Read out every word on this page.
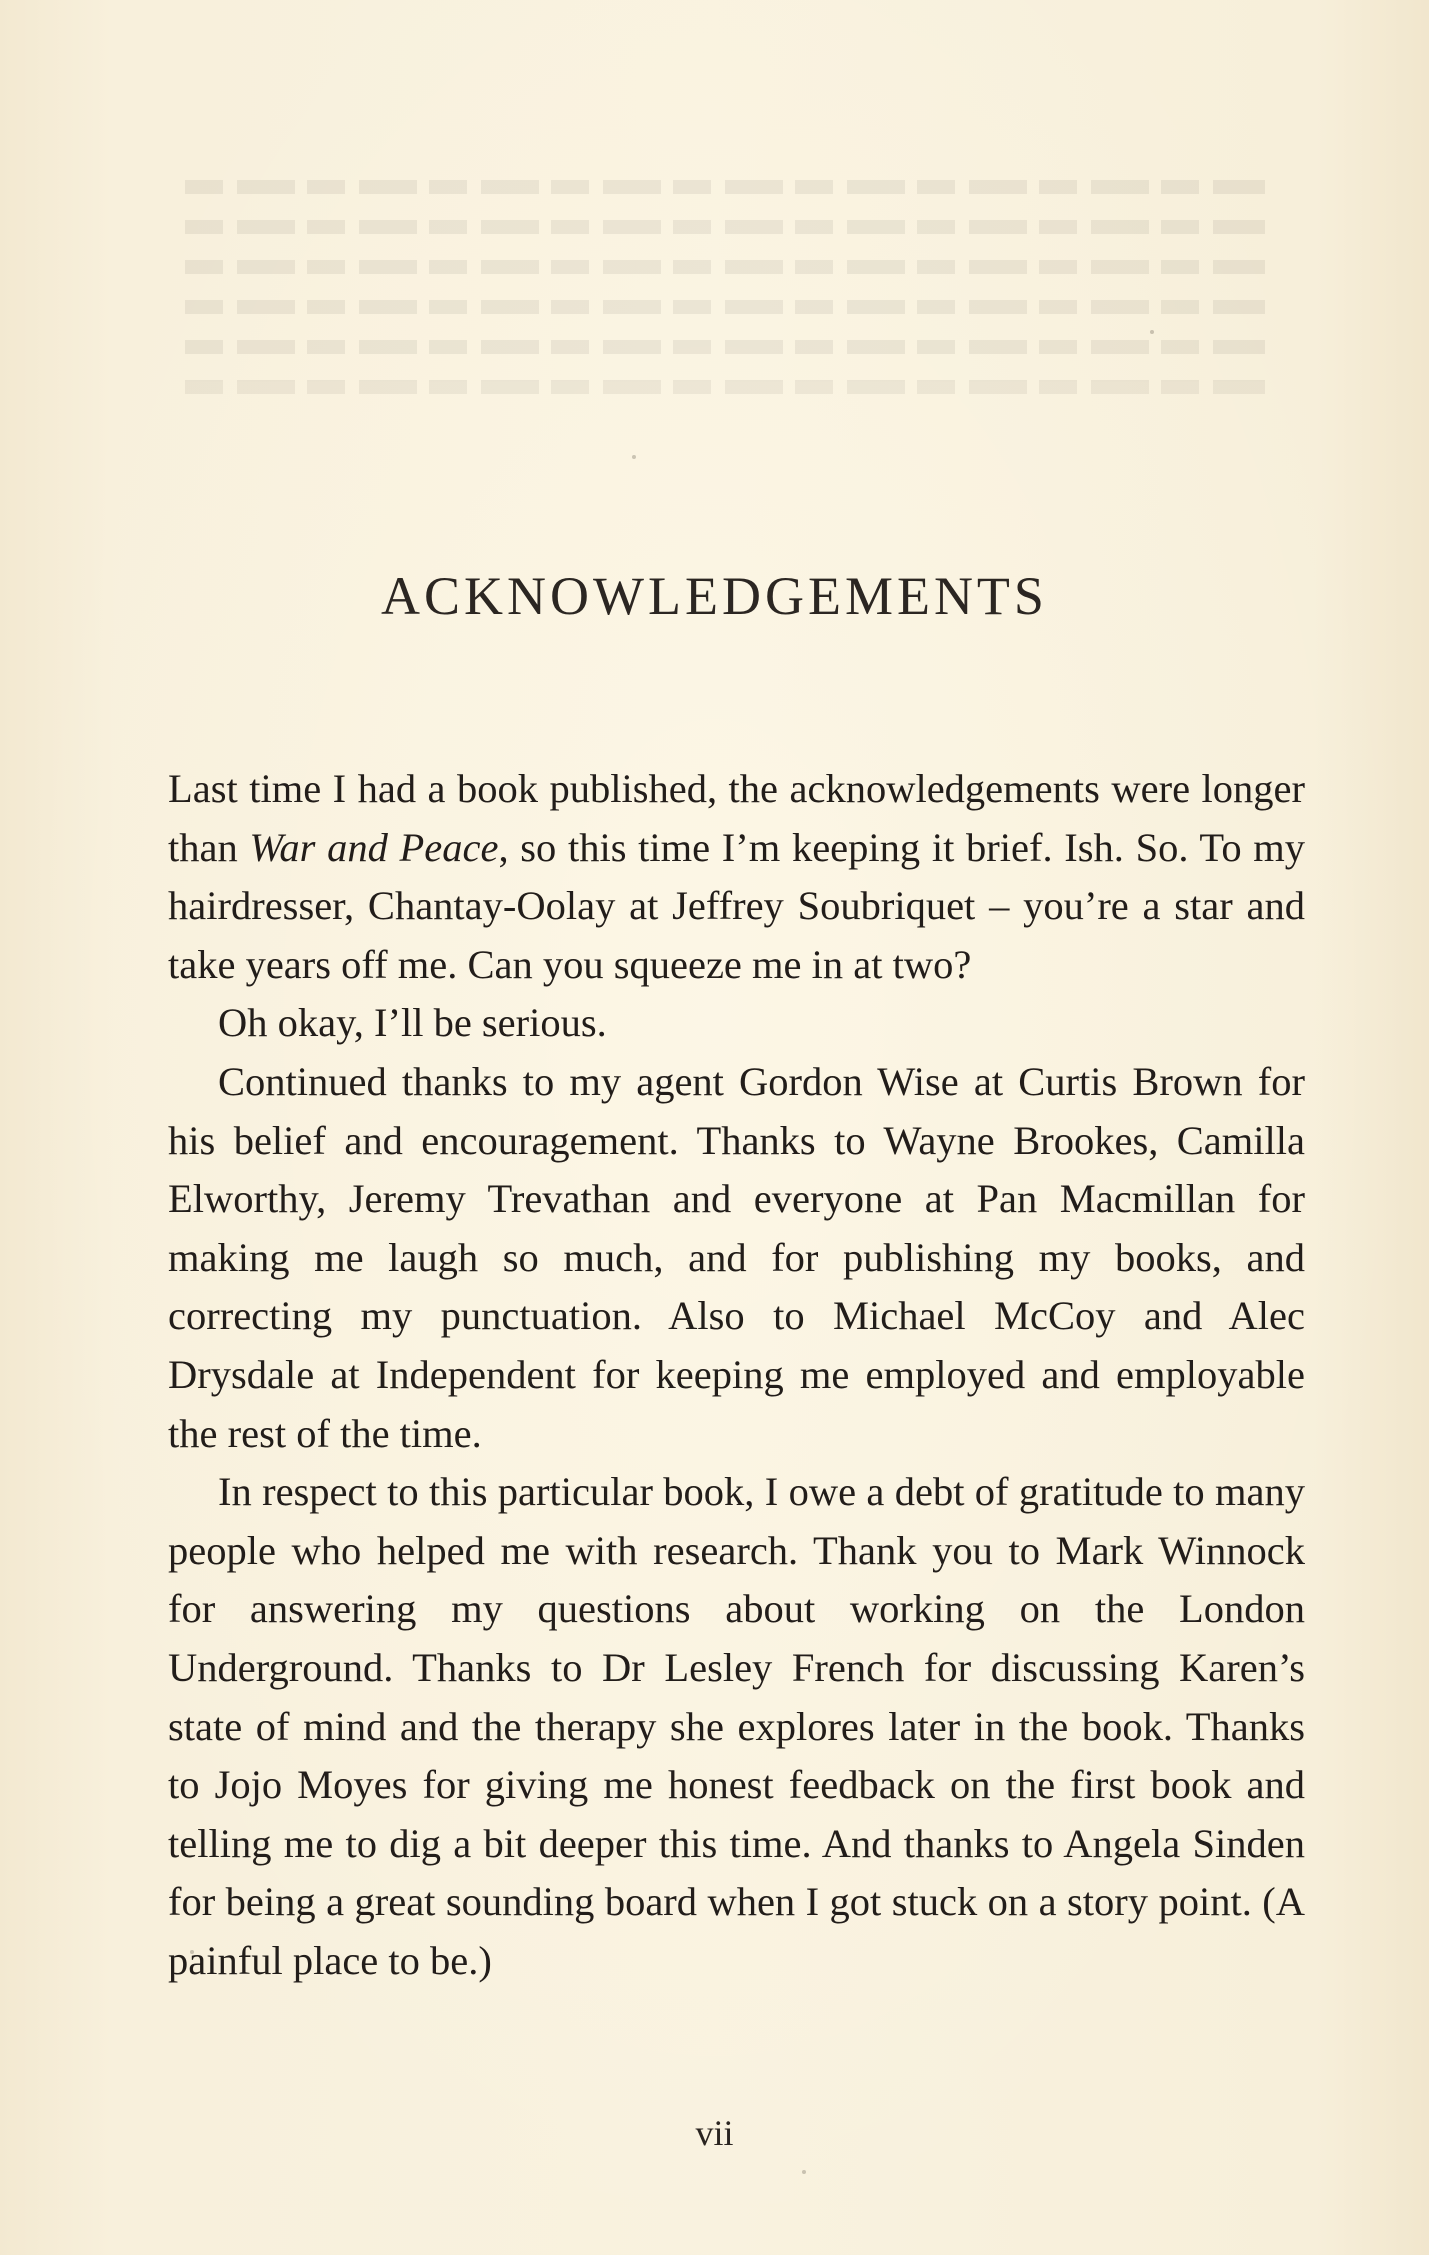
ACKNOWLEDGEMENTS

Last time I had a book published, the acknowledgements were longer than War and Peace, so this time I’m keeping it brief. Ish. So. To my hairdresser, Chantay-Oolay at Jeffrey Soubriquet – you’re a star and take years off me. Can you squeeze me in at two?

Oh okay, I’ll be serious.

Continued thanks to my agent Gordon Wise at Curtis Brown for his belief and encouragement. Thanks to Wayne Brookes, Camilla Elworthy, Jeremy Trevathan and everyone at Pan Macmillan for making me laugh so much, and for publishing my books, and correcting my punctuation. Also to Michael McCoy and Alec Drysdale at Independent for keeping me employed and employable the rest of the time.

In respect to this particular book, I owe a debt of gratitude to many people who helped me with research. Thank you to Mark Winnock for answering my questions about working on the London Underground. Thanks to Dr Lesley French for discussing Karen’s state of mind and the therapy she explores later in the book. Thanks to Jojo Moyes for giving me honest feedback on the first book and telling me to dig a bit deeper this time. And thanks to Angela Sinden for being a great sounding board when I got stuck on a story point. (A painful place to be.)

vii
